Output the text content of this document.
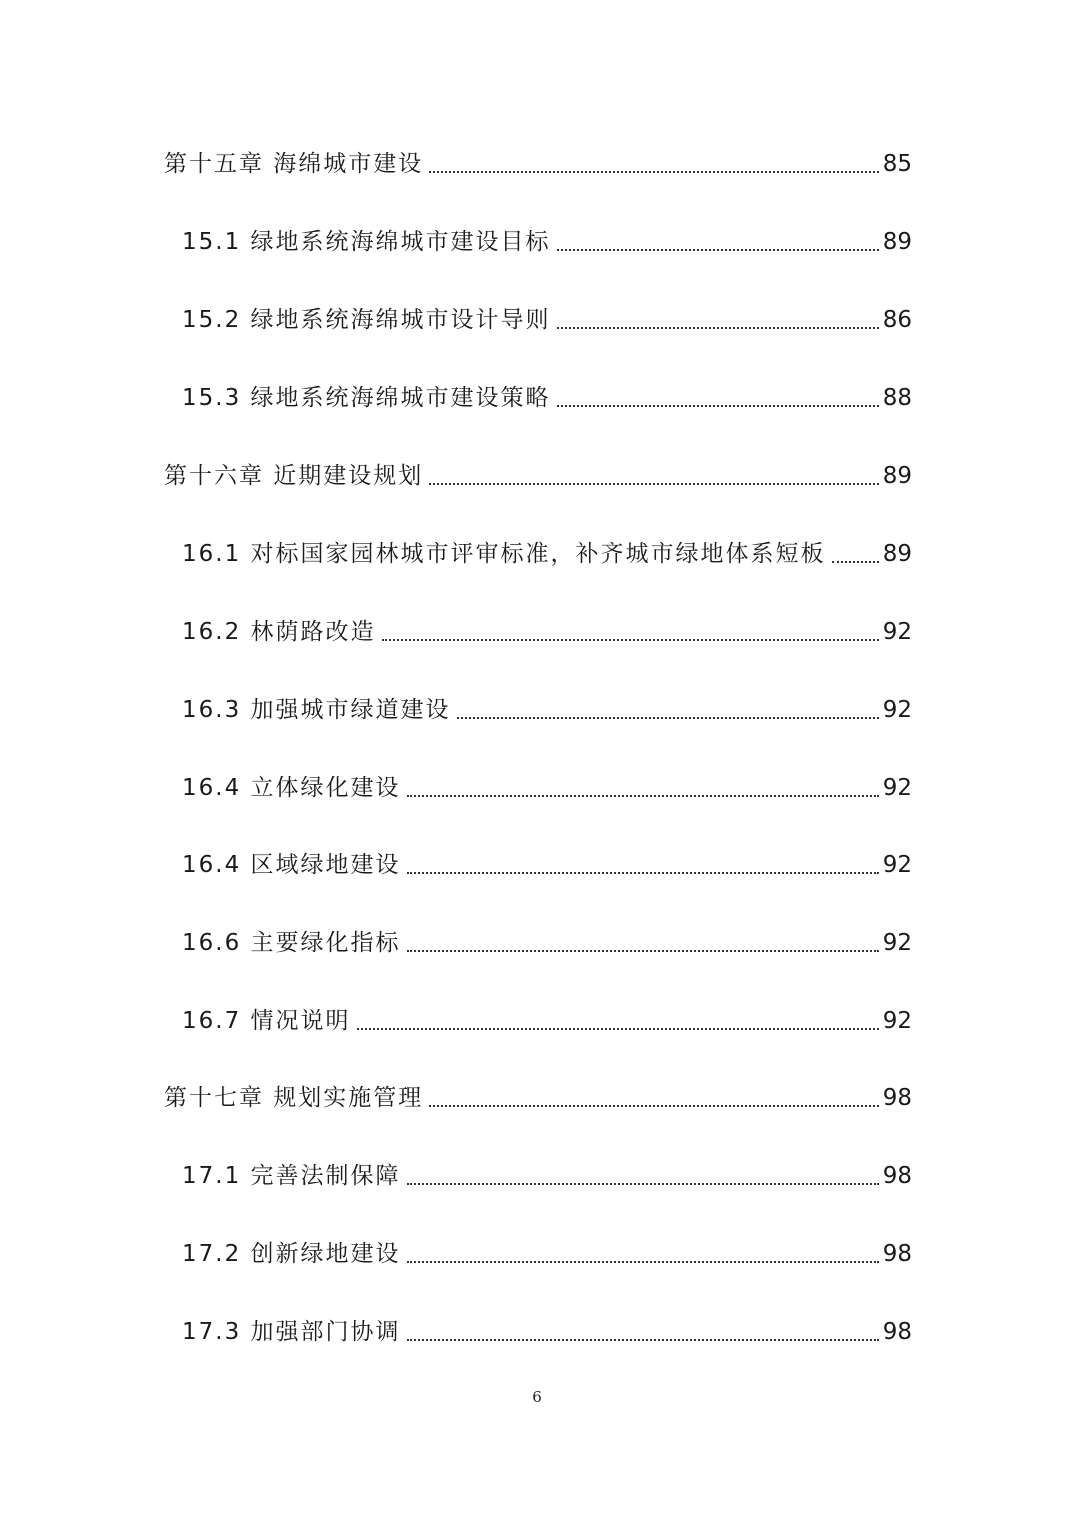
第十五章 海绵城市建设	85
15.1 绿地系统海绵城市建设目标	89
15.2 绿地系统海绵城市设计导则	86
15.3 绿地系统海绵城市建设策略	88
第十六章 近期建设规划	89
16.1 对标国家园林城市评审标准，补齐城市绿地体系短板 89
16.2 林荫路改造	92
16.3 加强城市绿道建设	92
16.4 立体绿化建设	92
16.4 区域绿地建设	92
16.6 主要绿化指标	92
16.7 情况说明	92
第十七章 规划实施管理	98
17.1 完善法制保障	98
17.2 创新绿地建设	98
17.3 加强部门协调	98
6
